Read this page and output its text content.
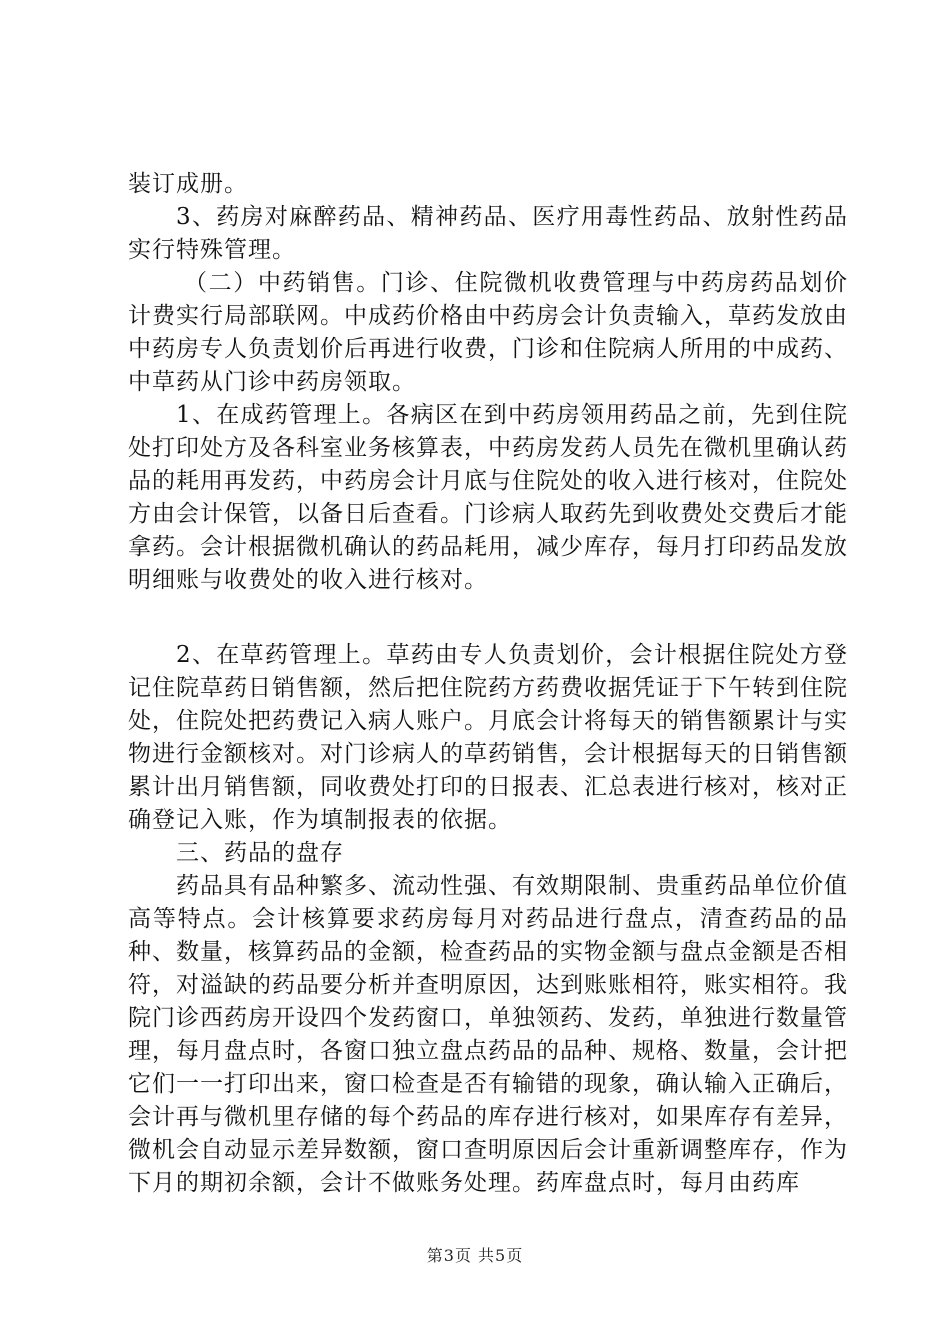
装订成册。

3、药房对麻醉药品、精神药品、医疗用毒性药品、放射性药品实行特殊管理。

（二）中药销售。门诊、住院微机收费管理与中药房药品划价计费实行局部联网。中成药价格由中药房会计负责输入，草药发放由中药房专人负责划价后再进行收费，门诊和住院病人所用的中成药、中草药从门诊中药房领取。

1、在成药管理上。各病区在到中药房领用药品之前，先到住院处打印处方及各科室业务核算表，中药房发药人员先在微机里确认药品的耗用再发药，中药房会计月底与住院处的收入进行核对，住院处方由会计保管，以备日后查看。门诊病人取药先到收费处交费后才能拿药。会计根据微机确认的药品耗用，减少库存，每月打印药品发放明细账与收费处的收入进行核对。

2、在草药管理上。草药由专人负责划价，会计根据住院处方登记住院草药日销售额，然后把住院药方药费收据凭证于下午转到住院处，住院处把药费记入病人账户。月底会计将每天的销售额累计与实物进行金额核对。对门诊病人的草药销售，会计根据每天的日销售额累计出月销售额，同收费处打印的日报表、汇总表进行核对，核对正确登记入账，作为填制报表的依据。

三、药品的盘存

药品具有品种繁多、流动性强、有效期限制、贵重药品单位价值高等特点。会计核算要求药房每月对药品进行盘点，清查药品的品种、数量，核算药品的金额，检查药品的实物金额与盘点金额是否相符，对溢缺的药品要分析并查明原因，达到账账相符，账实相符。我院门诊西药房开设四个发药窗口，单独领药、发药，单独进行数量管理，每月盘点时，各窗口独立盘点药品的品种、规格、数量，会计把它们一一打印出来，窗口检查是否有输错的现象，确认输入正确后，会计再与微机里存储的每个药品的库存进行核对，如果库存有差异，微机会自动显示差异数额，窗口查明原因后会计重新调整库存，作为下月的期初余额，会计不做账务处理。药库盘点时，每月由药库

第3页 共5页
